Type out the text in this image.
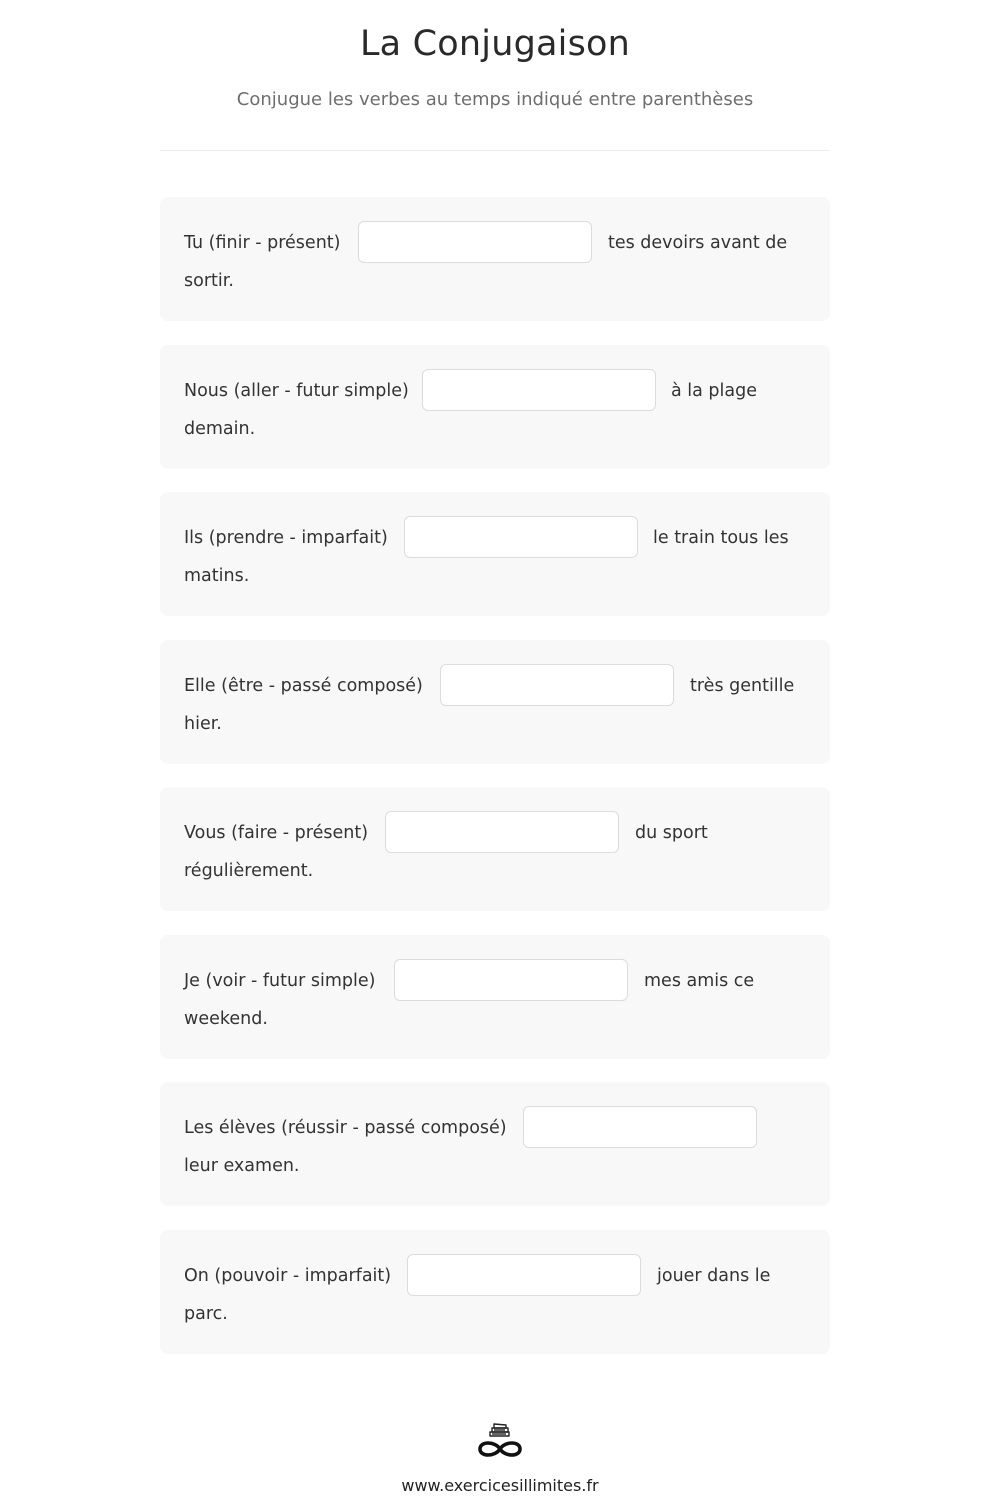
La Conjugaison

Conjugue les verbes au temps indiqué entre parenthèses

Tu (finir - présent)	tes devoirs avant de
sortir.
Nous (aller - futur simple)	à la plage
demain.
Ils (prendre - imparfait)	le train tous les
matins.
Elle (être - passé composé)	très gentille
hier.
Vous (faire - présent)	du sport
régulièrement.
Je (voir - futur simple)	mes amis ce
weekend.
Les élèves (réussir - passé composé)
leur examen.
On (pouvoir - imparfait)	jouer dans le
parc.
www.exercicesillimites.fr
